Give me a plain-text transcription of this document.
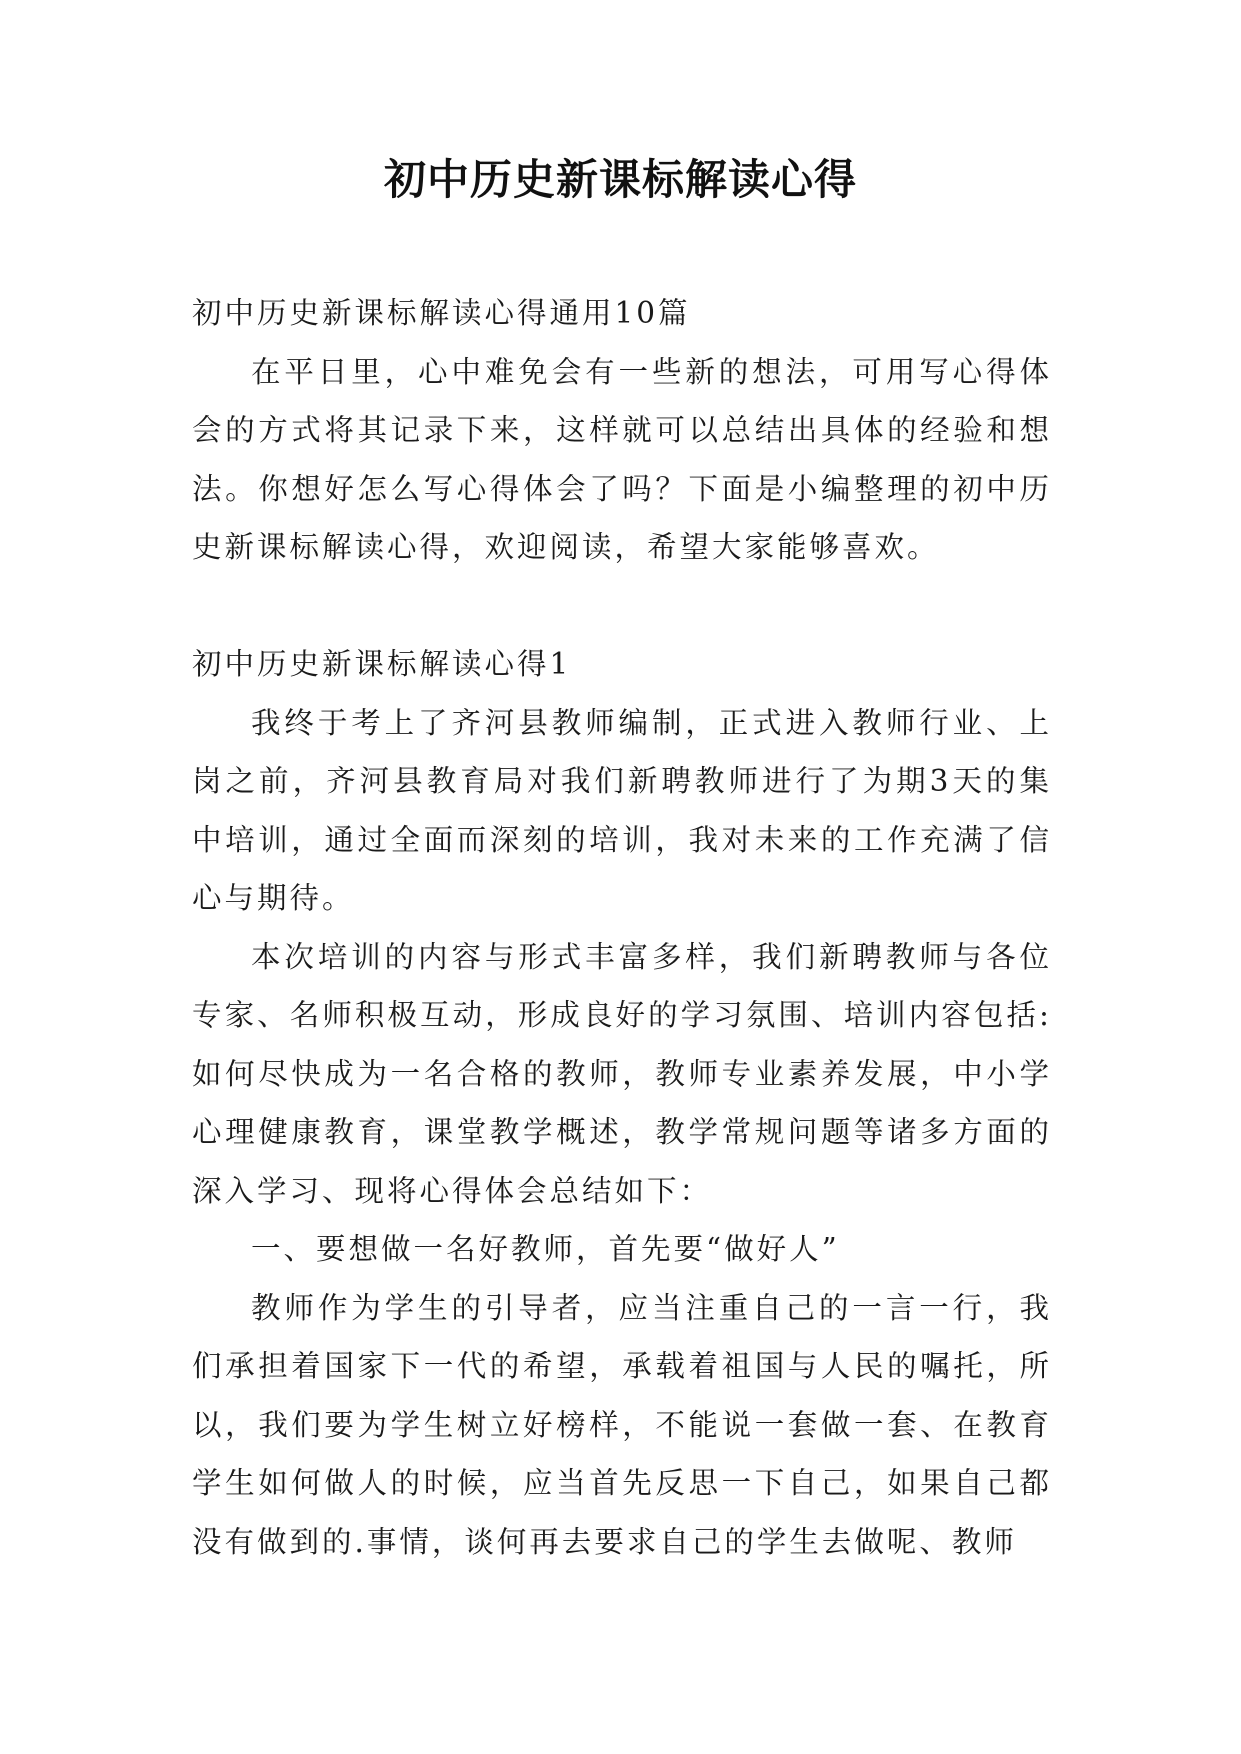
初中历史新课标解读心得

初中历史新课标解读心得通用10篇

在平日里，心中难免会有一些新的想法，可用写心得体会的方式将其记录下来，这样就可以总结出具体的经验和想法。你想好怎么写心得体会了吗？下面是小编整理的初中历史新课标解读心得，欢迎阅读，希望大家能够喜欢。

初中历史新课标解读心得1

我终于考上了齐河县教师编制，正式进入教师行业、上岗之前，齐河县教育局对我们新聘教师进行了为期3天的集中培训，通过全面而深刻的培训，我对未来的工作充满了信心与期待。

本次培训的内容与形式丰富多样，我们新聘教师与各位专家、名师积极互动，形成良好的学习氛围、培训内容包括:如何尽快成为一名合格的教师，教师专业素养发展，中小学心理健康教育，课堂教学概述，教学常规问题等诸多方面的深入学习、现将心得体会总结如下：

一、要想做一名好教师，首先要“做好人”

教师作为学生的引导者，应当注重自己的一言一行，我们承担着国家下一代的希望，承载着祖国与人民的嘱托，所以，我们要为学生树立好榜样，不能说一套做一套、在教育学生如何做人的时候，应当首先反思一下自己，如果自己都没有做到的.事情，谈何再去要求自己的学生去做呢、教师
